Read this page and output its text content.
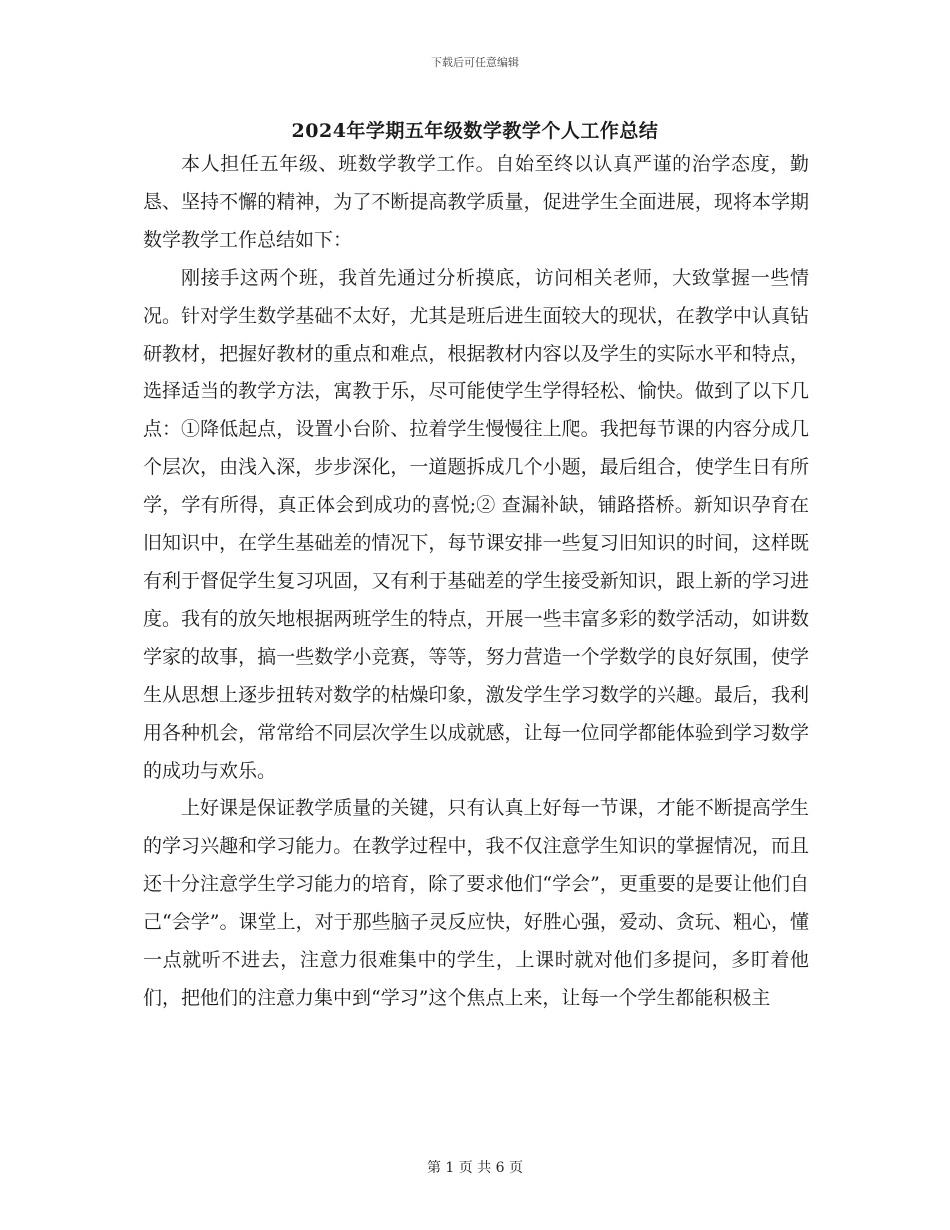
下载后可任意编辑
2024年学期五年级数学教学个人工作总结

本人担任五年级、班数学教学工作。自始至终以认真严谨的治学态度，勤恳、坚持不懈的精神，为了不断提高教学质量，促进学生全面进展，现将本学期数学教学工作总结如下：

刚接手这两个班，我首先通过分析摸底，访问相关老师，大致掌握一些情况。针对学生数学基础不太好，尤其是班后进生面较大的现状，在教学中认真钻研教材，把握好教材的重点和难点，根据教材内容以及学生的实际水平和特点，选择适当的教学方法，寓教于乐，尽可能使学生学得轻松、愉快。做到了以下几点：①降低起点，设置小台阶、拉着学生慢慢往上爬。我把每节课的内容分成几个层次，由浅入深，步步深化，一道题拆成几个小题，最后组合，使学生日有所学，学有所得，真正体会到成功的喜悦;② 查漏补缺，铺路搭桥。新知识孕育在旧知识中，在学生基础差的情况下，每节课安排一些复习旧知识的时间，这样既有利于督促学生复习巩固，又有利于基础差的学生接受新知识，跟上新的学习进度。我有的放矢地根据两班学生的特点，开展一些丰富多彩的数学活动，如讲数学家的故事，搞一些数学小竞赛，等等，努力营造一个学数学的良好氛围，使学生从思想上逐步扭转对数学的枯燥印象，激发学生学习数学的兴趣。最后，我利用各种机会，常常给不同层次学生以成就感，让每一位同学都能体验到学习数学的成功与欢乐。

上好课是保证教学质量的关键，只有认真上好每一节课，才能不断提高学生的学习兴趣和学习能力。在教学过程中，我不仅注意学生知识的掌握情况，而且还十分注意学生学习能力的培育，除了要求他们“学会”，更重要的是要让他们自己“会学”。课堂上，对于那些脑子灵反应快，好胜心强，爱动、贪玩、粗心，懂一点就听不进去，注意力很难集中的学生，上课时就对他们多提问，多盯着他们，把他们的注意力集中到“学习”这个焦点上来，让每一个学生都能积极主

第 1 页 共 6 页
